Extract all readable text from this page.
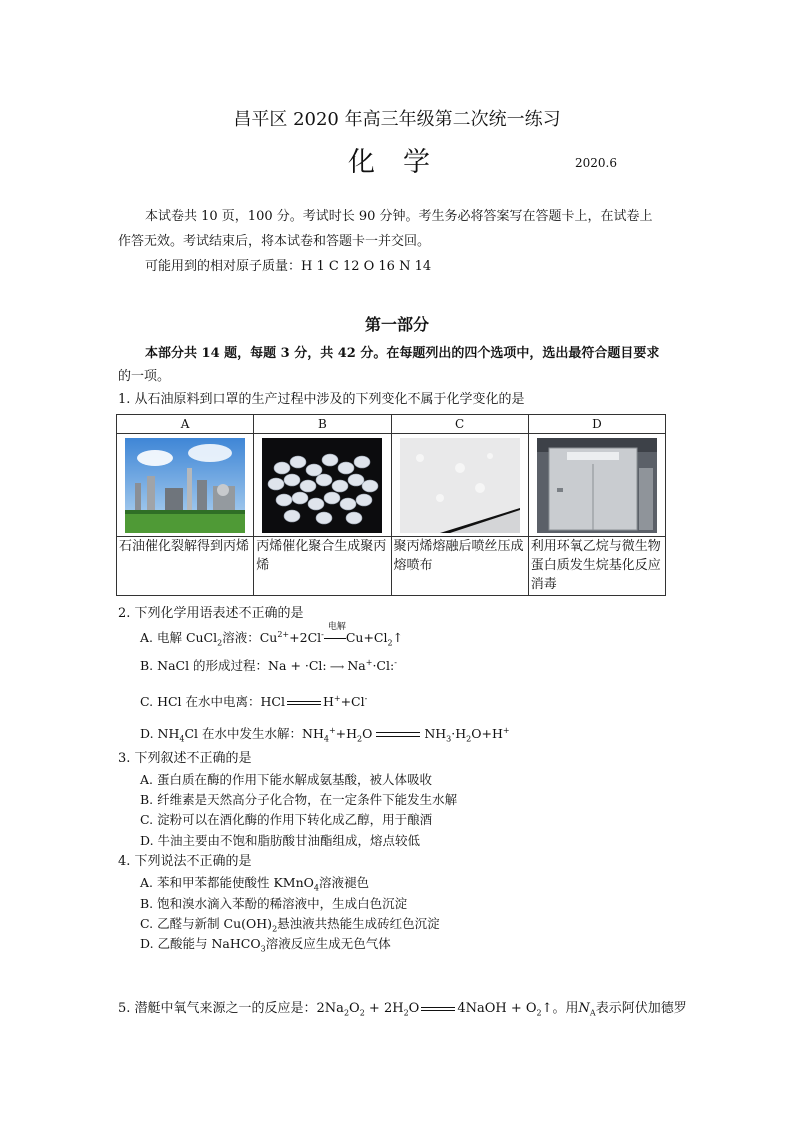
昌平区 2020 年高三年级第二次统一练习
化学	2020.6
本试卷共 10 页，100 分。考试时长 90 分钟。考生务必将答案写在答题卡上，在试卷上
作答无效。考试结束后，将本试卷和答题卡一并交回。
可能用到的相对原子质量：H 1 C 12 O 16 N 14
第一部分
本部分共 14 题，每题 3 分，共 42 分。在每题列出的四个选项中，选出最符合题目要求
的一项。
1. 从石油原料到口罩的生产过程中涉及的下列变化不属于化学变化的是
A	B	C	D

石油催化裂解得到丙烯	丙烯催化聚合生成聚丙烯	聚丙烯熔融后喷丝压成熔喷布	利用环氧乙烷与微生物蛋白质发生烷基化反应消毒
2. 下列化学用语表述不正确的是
A. 电解 CuCl$_2$溶液：$Cu^{2+}+2Cl^-$
电解
$Cu+Cl_2↑$
B. NaCl 的形成过程：Na + ·Cl: ⟶ Na+·Cl:-
C. HCl 在水中电离：HCl	H++Cl-
D. $NH_4Cl$ 在水中发生水解：$NH_4^++H_2O$	$NH_3\cdot H_2O+H^+$
3. 下列叙述不正确的是
A. 蛋白质在酶的作用下能水解成氨基酸，被人体吸收
B. 纤维素是天然高分子化合物，在一定条件下能发生水解
C. 淀粉可以在酒化酶的作用下转化成乙醇，用于酿酒
D. 牛油主要由不饱和脂肪酸甘油酯组成，熔点较低
4. 下列说法不正确的是
A. 苯和甲苯都能使酸性 KMnO$_4$溶液褪色
B. 饱和溴水滴入苯酚的稀溶液中，生成白色沉淀
C. 乙醛与新制 $Cu(OH)_2$悬浊液共热能生成砖红色沉淀
D. 乙酸能与 NaHCO$_3$溶液反应生成无色气体
5. 潜艇中氧气来源之一的反应是：$2Na_2O_2 + 2H_2O$	4NaOH + $O_2↑$。用$N_A$表示阿伏加德罗
